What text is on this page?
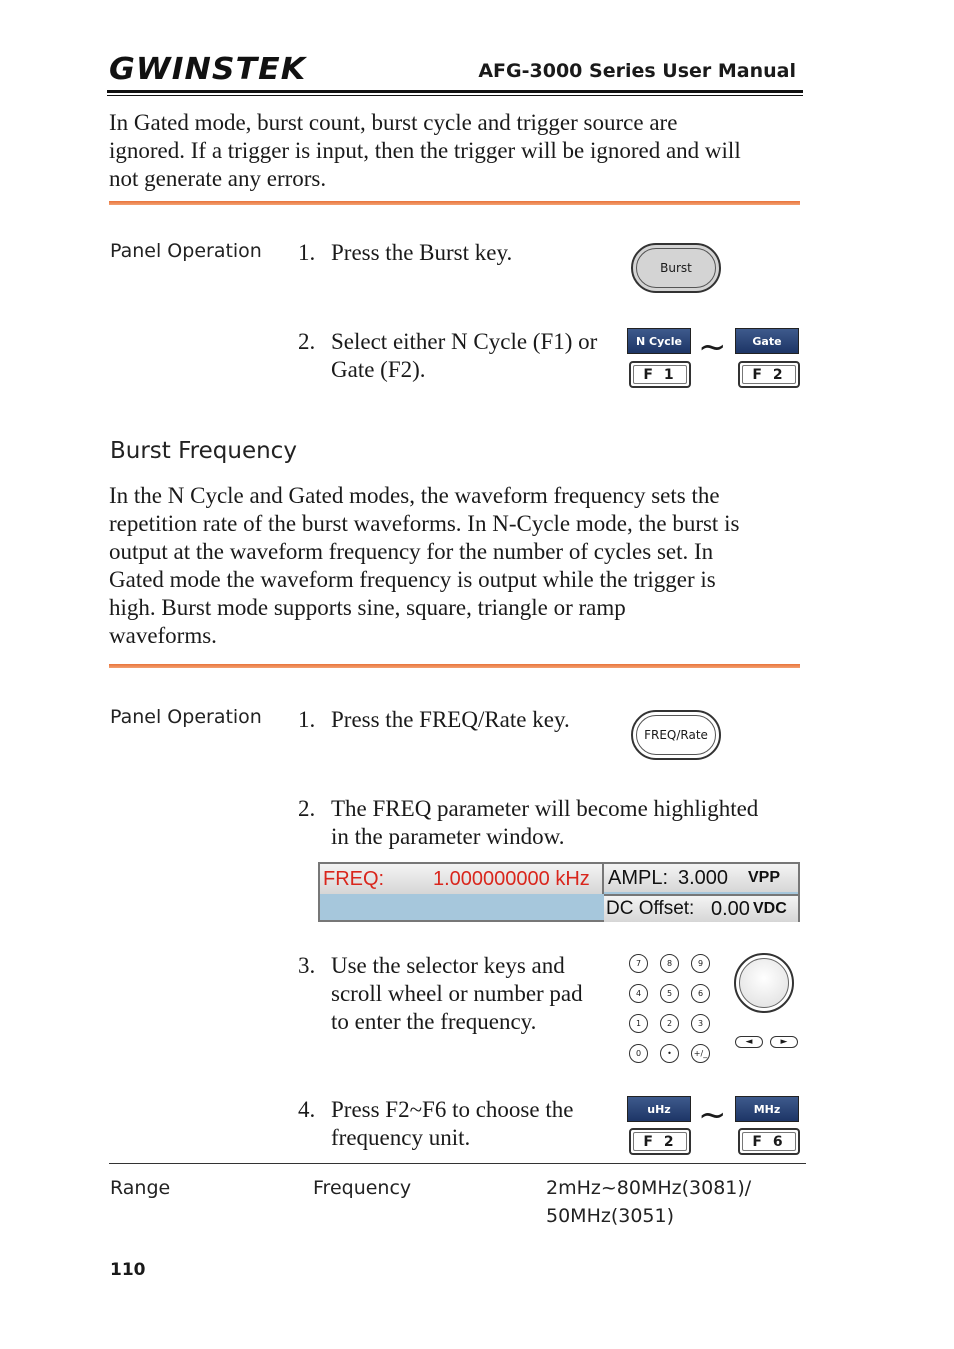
GWINSTEK	AFG-3000 Series User Manual
In Gated mode, burst count, burst cycle and trigger source are
ignored. If a trigger is input, then the trigger will be ignored and will
not generate any errors.
Panel Operation 1. Press the Burst key.
Burst
2. Select either N Cycle (F1) or
Gate (F2).
N Cycle
F 1
~	Gate
F 2
Burst Frequency
In the N Cycle and Gated modes, the waveform frequency sets the
repetition rate of the burst waveforms. In N-Cycle mode, the burst is
output at the waveform frequency for the number of cycles set. In
Gated mode the waveform frequency is output while the trigger is
high. Burst mode supports sine, square, triangle or ramp
waveforms.
Panel Operation 1. Press the FREQ/Rate key.
FREQ/Rate
2. The FREQ parameter will become highlighted
in the parameter window.
FREQ:	1.000000000 kHz AMPL: 3.000	VPP
DC Offset: 0.00 VDC
3. Use the selector keys and
scroll wheel or number pad
to enter the frequency.
7	8	9
4	5	6
1	2	3
0	•	+/_
◄	►
4. Press F2~F6 to choose the
frequency unit.
uHz
F 2
~	MHz
F 6
Range	Frequency	2mHz~80MHz(3081)/
50MHz(3051)
110
